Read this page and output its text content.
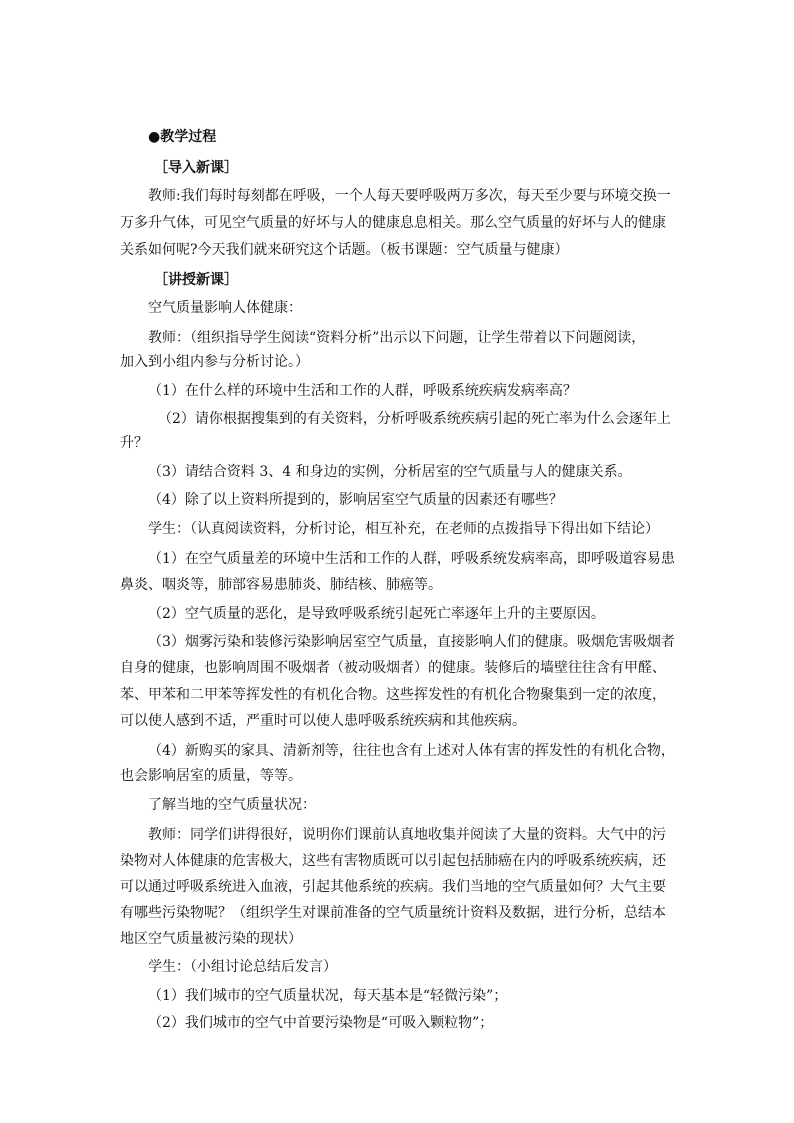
●教学过程
［导入新课］
教师:我们每时每刻都在呼吸，一个人每天要呼吸两万多次，每天至少要与环境交换一
万多升气体，可见空气质量的好坏与人的健康息息相关。那么空气质量的好坏与人的健康
关系如何呢?今天我们就来研究这个话题。（板书课题：空气质量与健康）
［讲授新课］
空气质量影响人体健康：
教师：（组织指导学生阅读“资料分析”出示以下问题，让学生带着以下问题阅读，
加入到小组内参与分析讨论。）
（1）在什么样的环境中生活和工作的人群，呼吸系统疾病发病率高？
（2）请你根据搜集到的有关资料，分析呼吸系统疾病引起的死亡率为什么会逐年上
升？
（3）请结合资料 3、4 和身边的实例，分析居室的空气质量与人的健康关系。
（4）除了以上资料所提到的，影响居室空气质量的因素还有哪些？
学生：（认真阅读资料，分析讨论，相互补充，在老师的点拨指导下得出如下结论）
（1）在空气质量差的环境中生活和工作的人群，呼吸系统发病率高，即呼吸道容易患
鼻炎、咽炎等，肺部容易患肺炎、肺结核、肺癌等。
（2）空气质量的恶化，是导致呼吸系统引起死亡率逐年上升的主要原因。
（3）烟雾污染和装修污染影响居室空气质量，直接影响人们的健康。吸烟危害吸烟者
自身的健康，也影响周围不吸烟者（被动吸烟者）的健康。装修后的墙壁往往含有甲醛、
苯、甲苯和二甲苯等挥发性的有机化合物。这些挥发性的有机化合物聚集到一定的浓度，
可以使人感到不适，严重时可以使人患呼吸系统疾病和其他疾病。
（4）新购买的家具、清新剂等，往往也含有上述对人体有害的挥发性的有机化合物，
也会影响居室的质量，等等。
了解当地的空气质量状况：
教师：同学们讲得很好，说明你们课前认真地收集并阅读了大量的资料。大气中的污
染物对人体健康的危害极大，这些有害物质既可以引起包括肺癌在内的呼吸系统疾病，还
可以通过呼吸系统进入血液，引起其他系统的疾病。我们当地的空气质量如何？大气主要
有哪些污染物呢？（组织学生对课前准备的空气质量统计资料及数据，进行分析，总结本
地区空气质量被污染的现状）
学生：（小组讨论总结后发言）
（1）我们城市的空气质量状况，每天基本是“轻微污染”；
（2）我们城市的空气中首要污染物是“可吸入颗粒物”；
